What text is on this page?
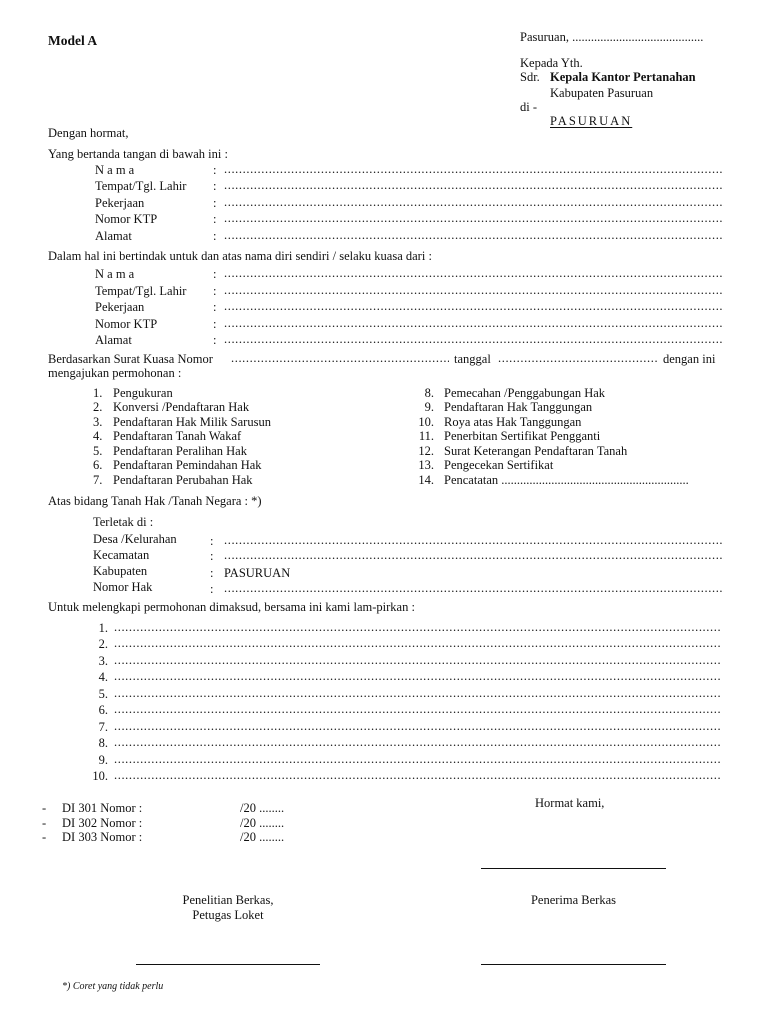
Model A	Pasuruan, ..........................................
Kepada Yth.
Sdr. Kepala Kantor Pertanahan
Kabupaten Pasuruan
di -
PASURUAN
Dengan hormat,
Yang bertanda tangan di bawah ini :
N a m a	:
.....
Tempat/Tgl. Lahir :
.....
Pekerjaan	:
.....
Nomor KTP	:
.....
Alamat	:
.....
Dalam hal ini bertindak untuk dan atas nama diri sendiri / selaku kuasa dari :
N a m a	:
.....
Tempat/Tgl. Lahir :
.....
Pekerjaan	:
.....
Nomor KTP	:
.....
Alamat	:
.....
Berdasarkan Surat Kuasa Nomor .....	tanggal .....	dengan ini
mengajukan permohonan :
1. Pengukuran
2. Konversi /Pendaftaran Hak
3. Pendaftaran Hak Milik Sarusun
4. Pendaftaran Tanah Wakaf
5. Pendaftaran Peralihan Hak
6. Pendaftaran Pemindahan Hak
7. Pendaftaran Perubahan Hak
8. Pemecahan /Penggabungan Hak
9. Pendaftaran Hak Tanggungan
10. Roya atas Hak Tanggungan
11. Penerbitan Sertifikat Pengganti
12. Surat Keterangan Pendaftaran Tanah
13. Pengecekan Sertifikat
14. Pencatatan ............................................................
Atas bidang Tanah Hak /Tanah Negara : *)
Terletak di :
Desa /Kelurahan	:
.....
Kecamatan	:
.....
Kabupaten	: PASURUAN
Nomor Hak	:
.....
Untuk melengkapi permohonan dimaksud, bersama ini kami lam-pirkan :
1.
.....
2.
.....
3.
.....
4.
.....
5.
.....
6.
.....
7.
.....
8.
.....
9.
.....
10.
.....
- DI 301 Nomor :	/20 ........
- DI 302 Nomor :	/20 ........
- DI 303 Nomor :	/20 ........
Hormat kami,
Penelitian Berkas,
Petugas Loket
Penerima Berkas
*) Coret yang tidak perlu
